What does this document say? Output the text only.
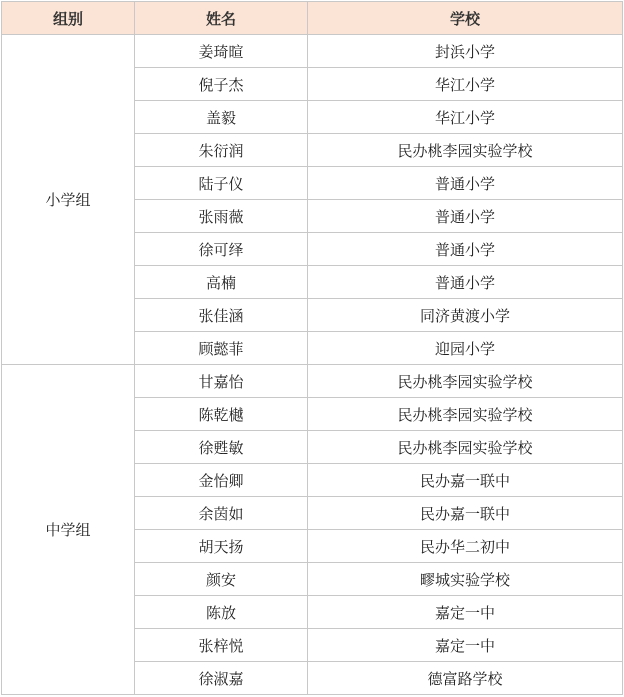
组别	姓名	学校
小学组	姜琦暄	封浜小学
	倪子杰	华江小学
	盖毅	华江小学
	朱衍润	民办桃李园实验学校
	陆子仪	普通小学
	张雨薇	普通小学
	徐可绎	普通小学
	高楠	普通小学
	张佳涵	同济黄渡小学
	顾懿菲	迎园小学
中学组	甘嘉怡	民办桃李园实验学校
	陈乾樾	民办桃李园实验学校
	徐甦敏	民办桃李园实验学校
	金怡卿	民办嘉一联中
	余茵如	民办嘉一联中
	胡天扬	民办华二初中
	颜安	疁城实验学校
	陈放	嘉定一中
	张梓悦	嘉定一中
	徐淑嘉	德富路学校
